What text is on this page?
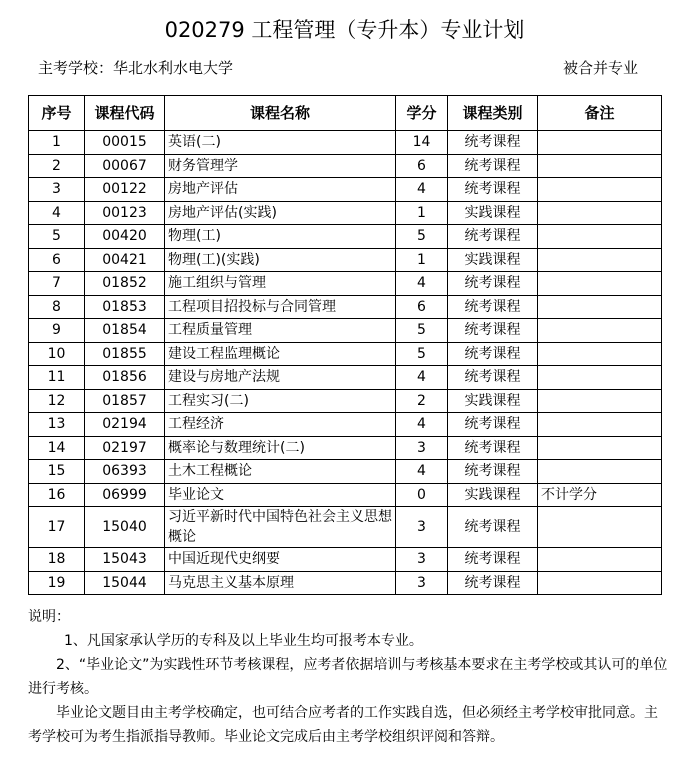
020279 工程管理（专升本）专业计划
主考学校：华北水利水电大学	被合并专业
序号	课程代码	课程名称	学分	课程类别	备注
1	00015	英语(二)	14	统考课程	
2	00067	财务管理学	6	统考课程	
3	00122	房地产评估	4	统考课程	
4	00123	房地产评估(实践)	1	实践课程	
5	00420	物理(工)	5	统考课程	
6	00421	物理(工)(实践)	1	实践课程	
7	01852	施工组织与管理	4	统考课程	
8	01853	工程项目招投标与合同管理	6	统考课程	
9	01854	工程质量管理	5	统考课程	
10	01855	建设工程监理概论	5	统考课程	
11	01856	建设与房地产法规	4	统考课程	
12	01857	工程实习(二)	2	实践课程	
13	02194	工程经济	4	统考课程	
14	02197	概率论与数理统计(二)	3	统考课程	
15	06393	土木工程概论	4	统考课程	
16	06999	毕业论文	0	实践课程	不计学分
17	15040	习近平新时代中国特色社会主义思想概论	3	统考课程	
18	15043	中国近现代史纲要	3	统考课程	
19	15044	马克思主义基本原理	3	统考课程	

说明：

1、凡国家承认学历的专科及以上毕业生均可报考本专业。

2、“毕业论文”为实践性环节考核课程，应考者依据培训与考核基本要求在主考学校或其认可的单位进行考核。

毕业论文题目由主考学校确定，也可结合应考者的工作实践自选，但必须经主考学校审批同意。主考学校可为考生指派指导教师。毕业论文完成后由主考学校组织评阅和答辩。
